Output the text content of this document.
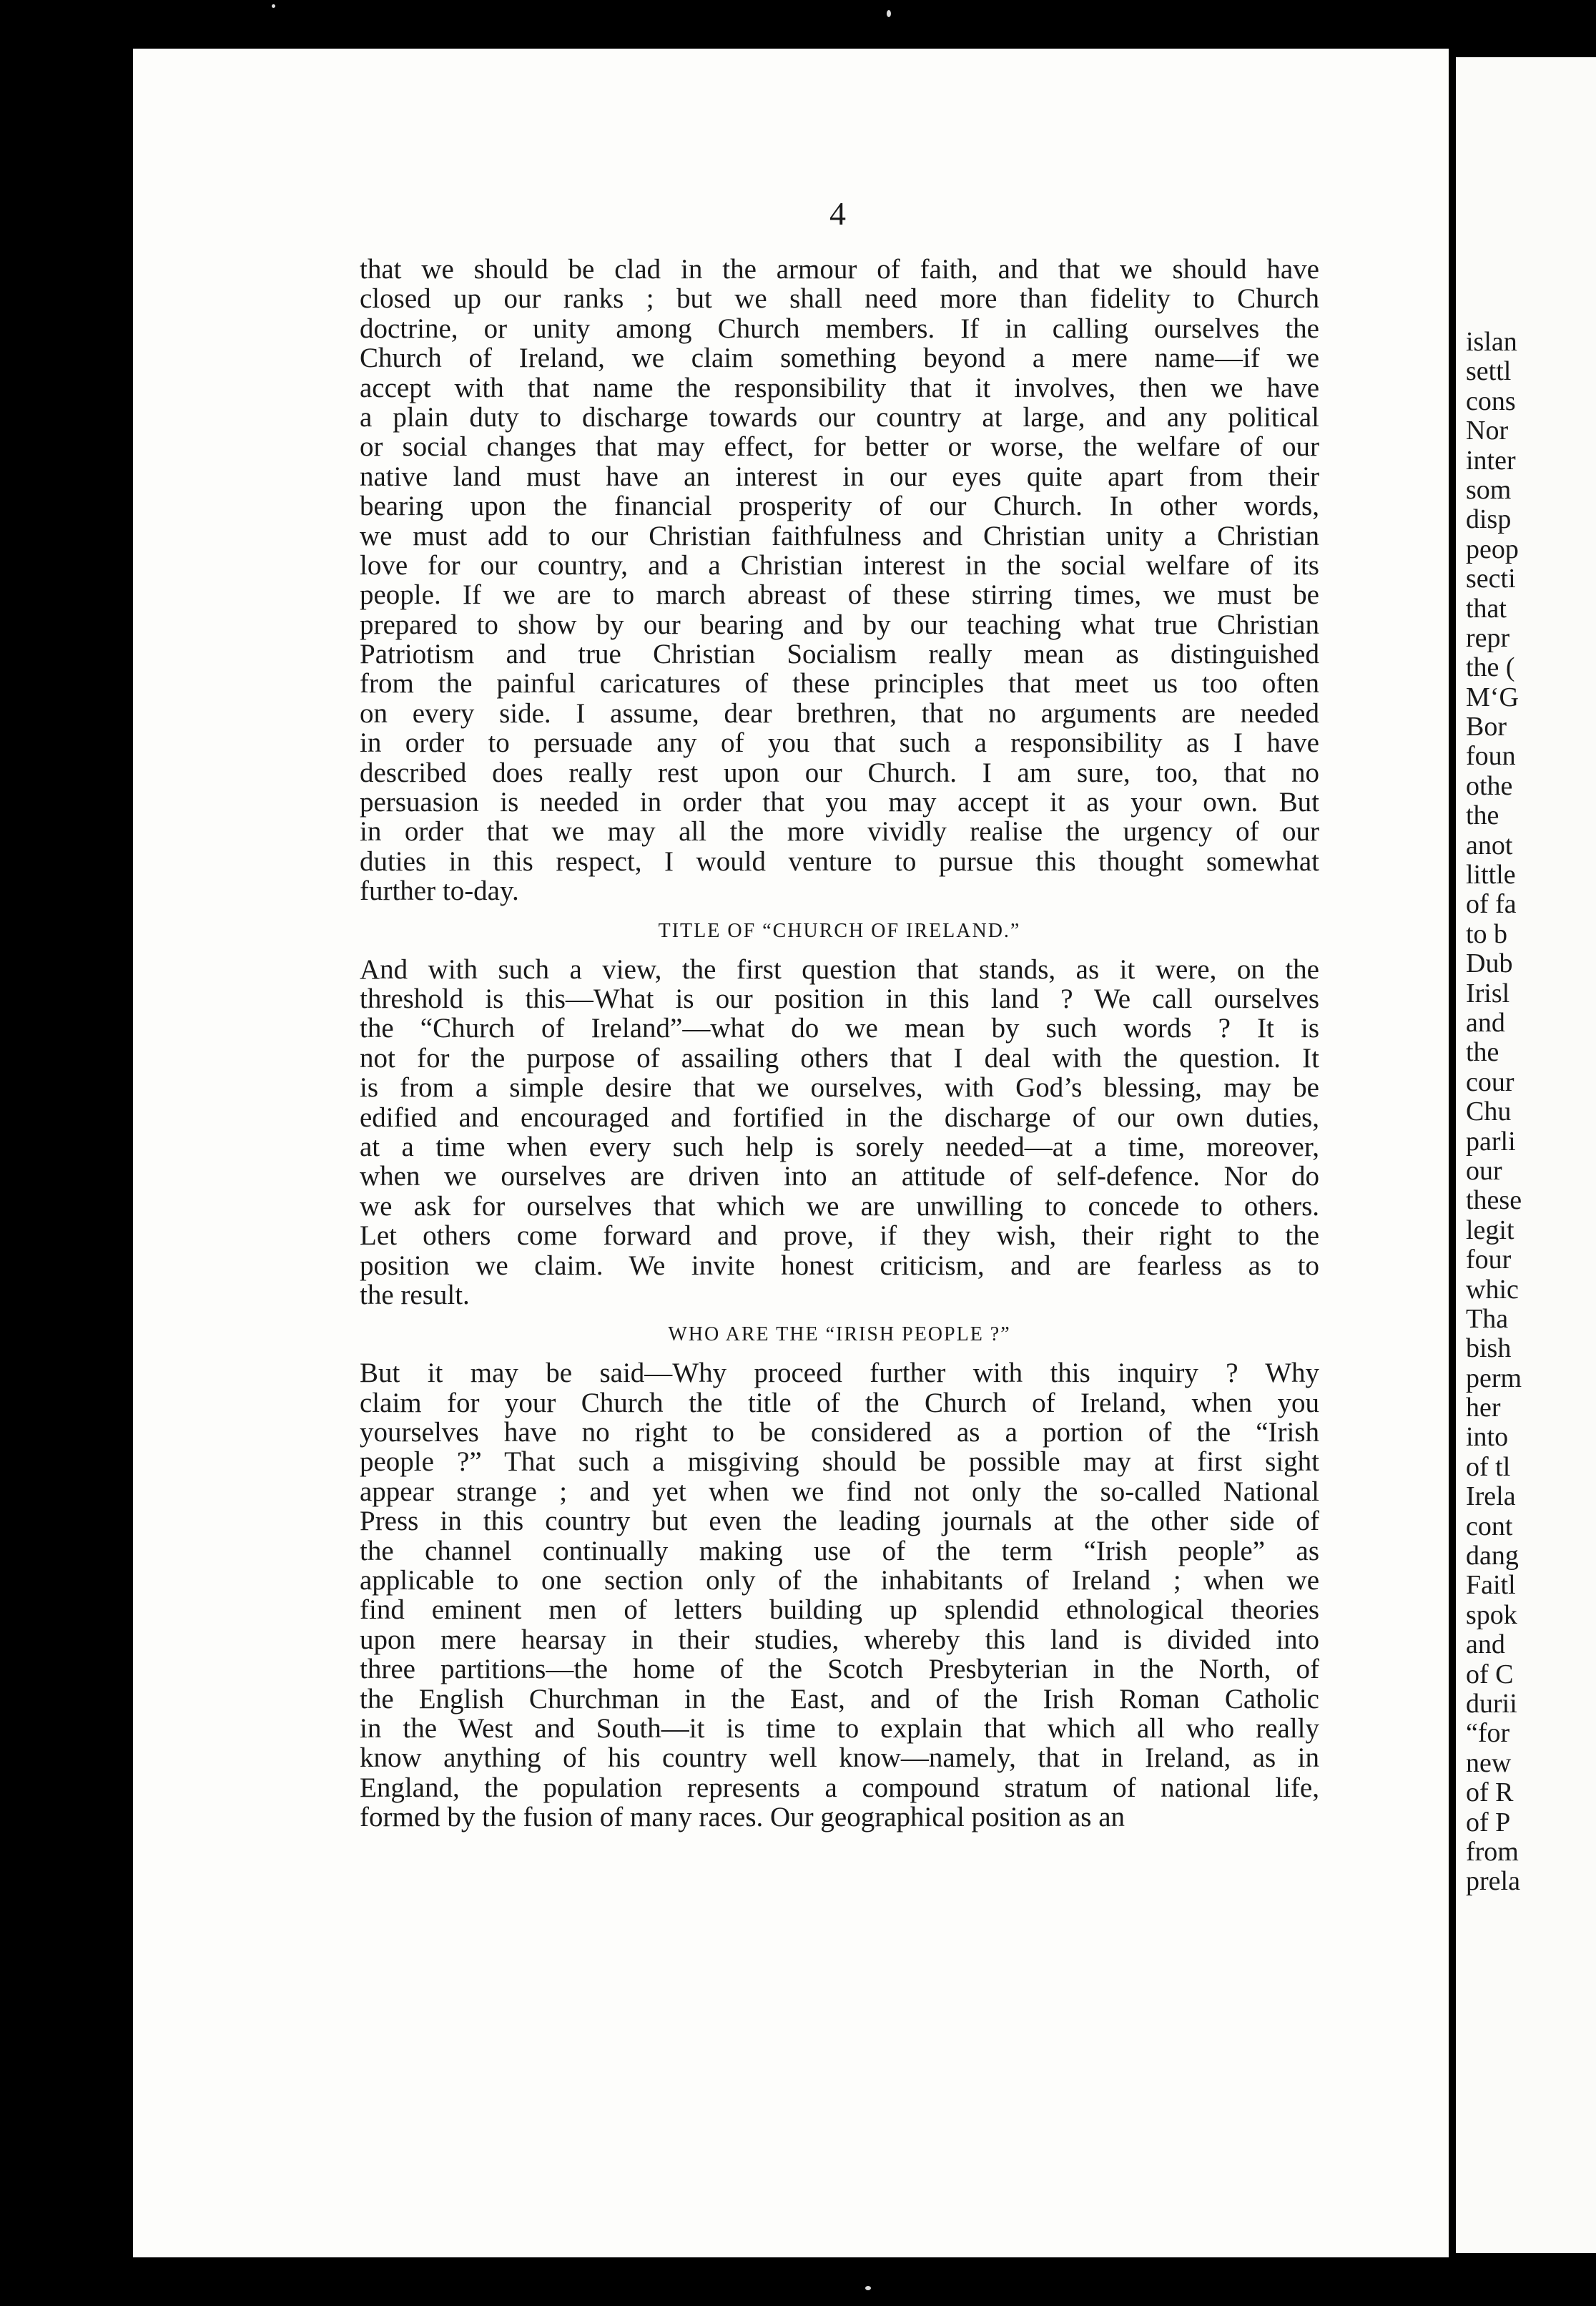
islan
settl
cons
Nor
inter
som
disp
peop
secti
that
repr
the (
M‘G
Bor
foun
othe
the
anot
little
of fa
to b
Dub
Irisl
and
the
cour
Chu
parli
our
these
legit
four
whic
Tha
bish
perm
her
into
of tl
Irela
cont
dang
Faitl
spok
and
of C
durii
“for
new
of R
of P
from
prela
4
that we should be clad in the armour of faith, and that we should have
closed up our ranks ; but we shall need more than fidelity to Church
doctrine, or unity among Church members. If in calling ourselves the
Church of Ireland, we claim something beyond a mere name—if we
accept with that name the responsibility that it involves, then we have
a plain duty to discharge towards our country at large, and any political
or social changes that may effect, for better or worse, the welfare of our
native land must have an interest in our eyes quite apart from their
bearing upon the financial prosperity of our Church. In other words,
we must add to our Christian faithfulness and Christian unity a Christian
love for our country, and a Christian interest in the social welfare of its
people. If we are to march abreast of these stirring times, we must be
prepared to show by our bearing and by our teaching what true Christian
Patriotism and true Christian Socialism really mean as distinguished
from the painful caricatures of these principles that meet us too often
on every side. I assume, dear brethren, that no arguments are needed
in order to persuade any of you that such a responsibility as I have
described does really rest upon our Church. I am sure, too, that no
persuasion is needed in order that you may accept it as your own. But
in order that we may all the more vividly realise the urgency of our
duties in this respect, I would venture to pursue this thought somewhat
further to-day.
TITLE OF “CHURCH OF IRELAND.”
And with such a view, the first question that stands, as it were, on the
threshold is this—What is our position in this land ? We call ourselves
the “Church of Ireland”—what do we mean by such words ? It is
not for the purpose of assailing others that I deal with the question. It
is from a simple desire that we ourselves, with God’s blessing, may be
edified and encouraged and fortified in the discharge of our own duties,
at a time when every such help is sorely needed—at a time, moreover,
when we ourselves are driven into an attitude of self-defence. Nor do
we ask for ourselves that which we are unwilling to concede to others.
Let others come forward and prove, if they wish, their right to the
position we claim. We invite honest criticism, and are fearless as to
the result.
WHO ARE THE “IRISH PEOPLE ?”
But it may be said—Why proceed further with this inquiry ? Why
claim for your Church the title of the Church of Ireland, when you
yourselves have no right to be considered as a portion of the “Irish
people ?” That such a misgiving should be possible may at first sight
appear strange ; and yet when we find not only the so-called National
Press in this country but even the leading journals at the other side of
the channel continually making use of the term “Irish people” as
applicable to one section only of the inhabitants of Ireland ; when we
find eminent men of letters building up splendid ethnological theories
upon mere hearsay in their studies, whereby this land is divided into
three partitions—the home of the Scotch Presbyterian in the North, of
the English Churchman in the East, and of the Irish Roman Catholic
in the West and South—it is time to explain that which all who really
know anything of his country well know—namely, that in Ireland, as in
England, the population represents a compound stratum of national life,
formed by the fusion of many races. Our geographical position as an
